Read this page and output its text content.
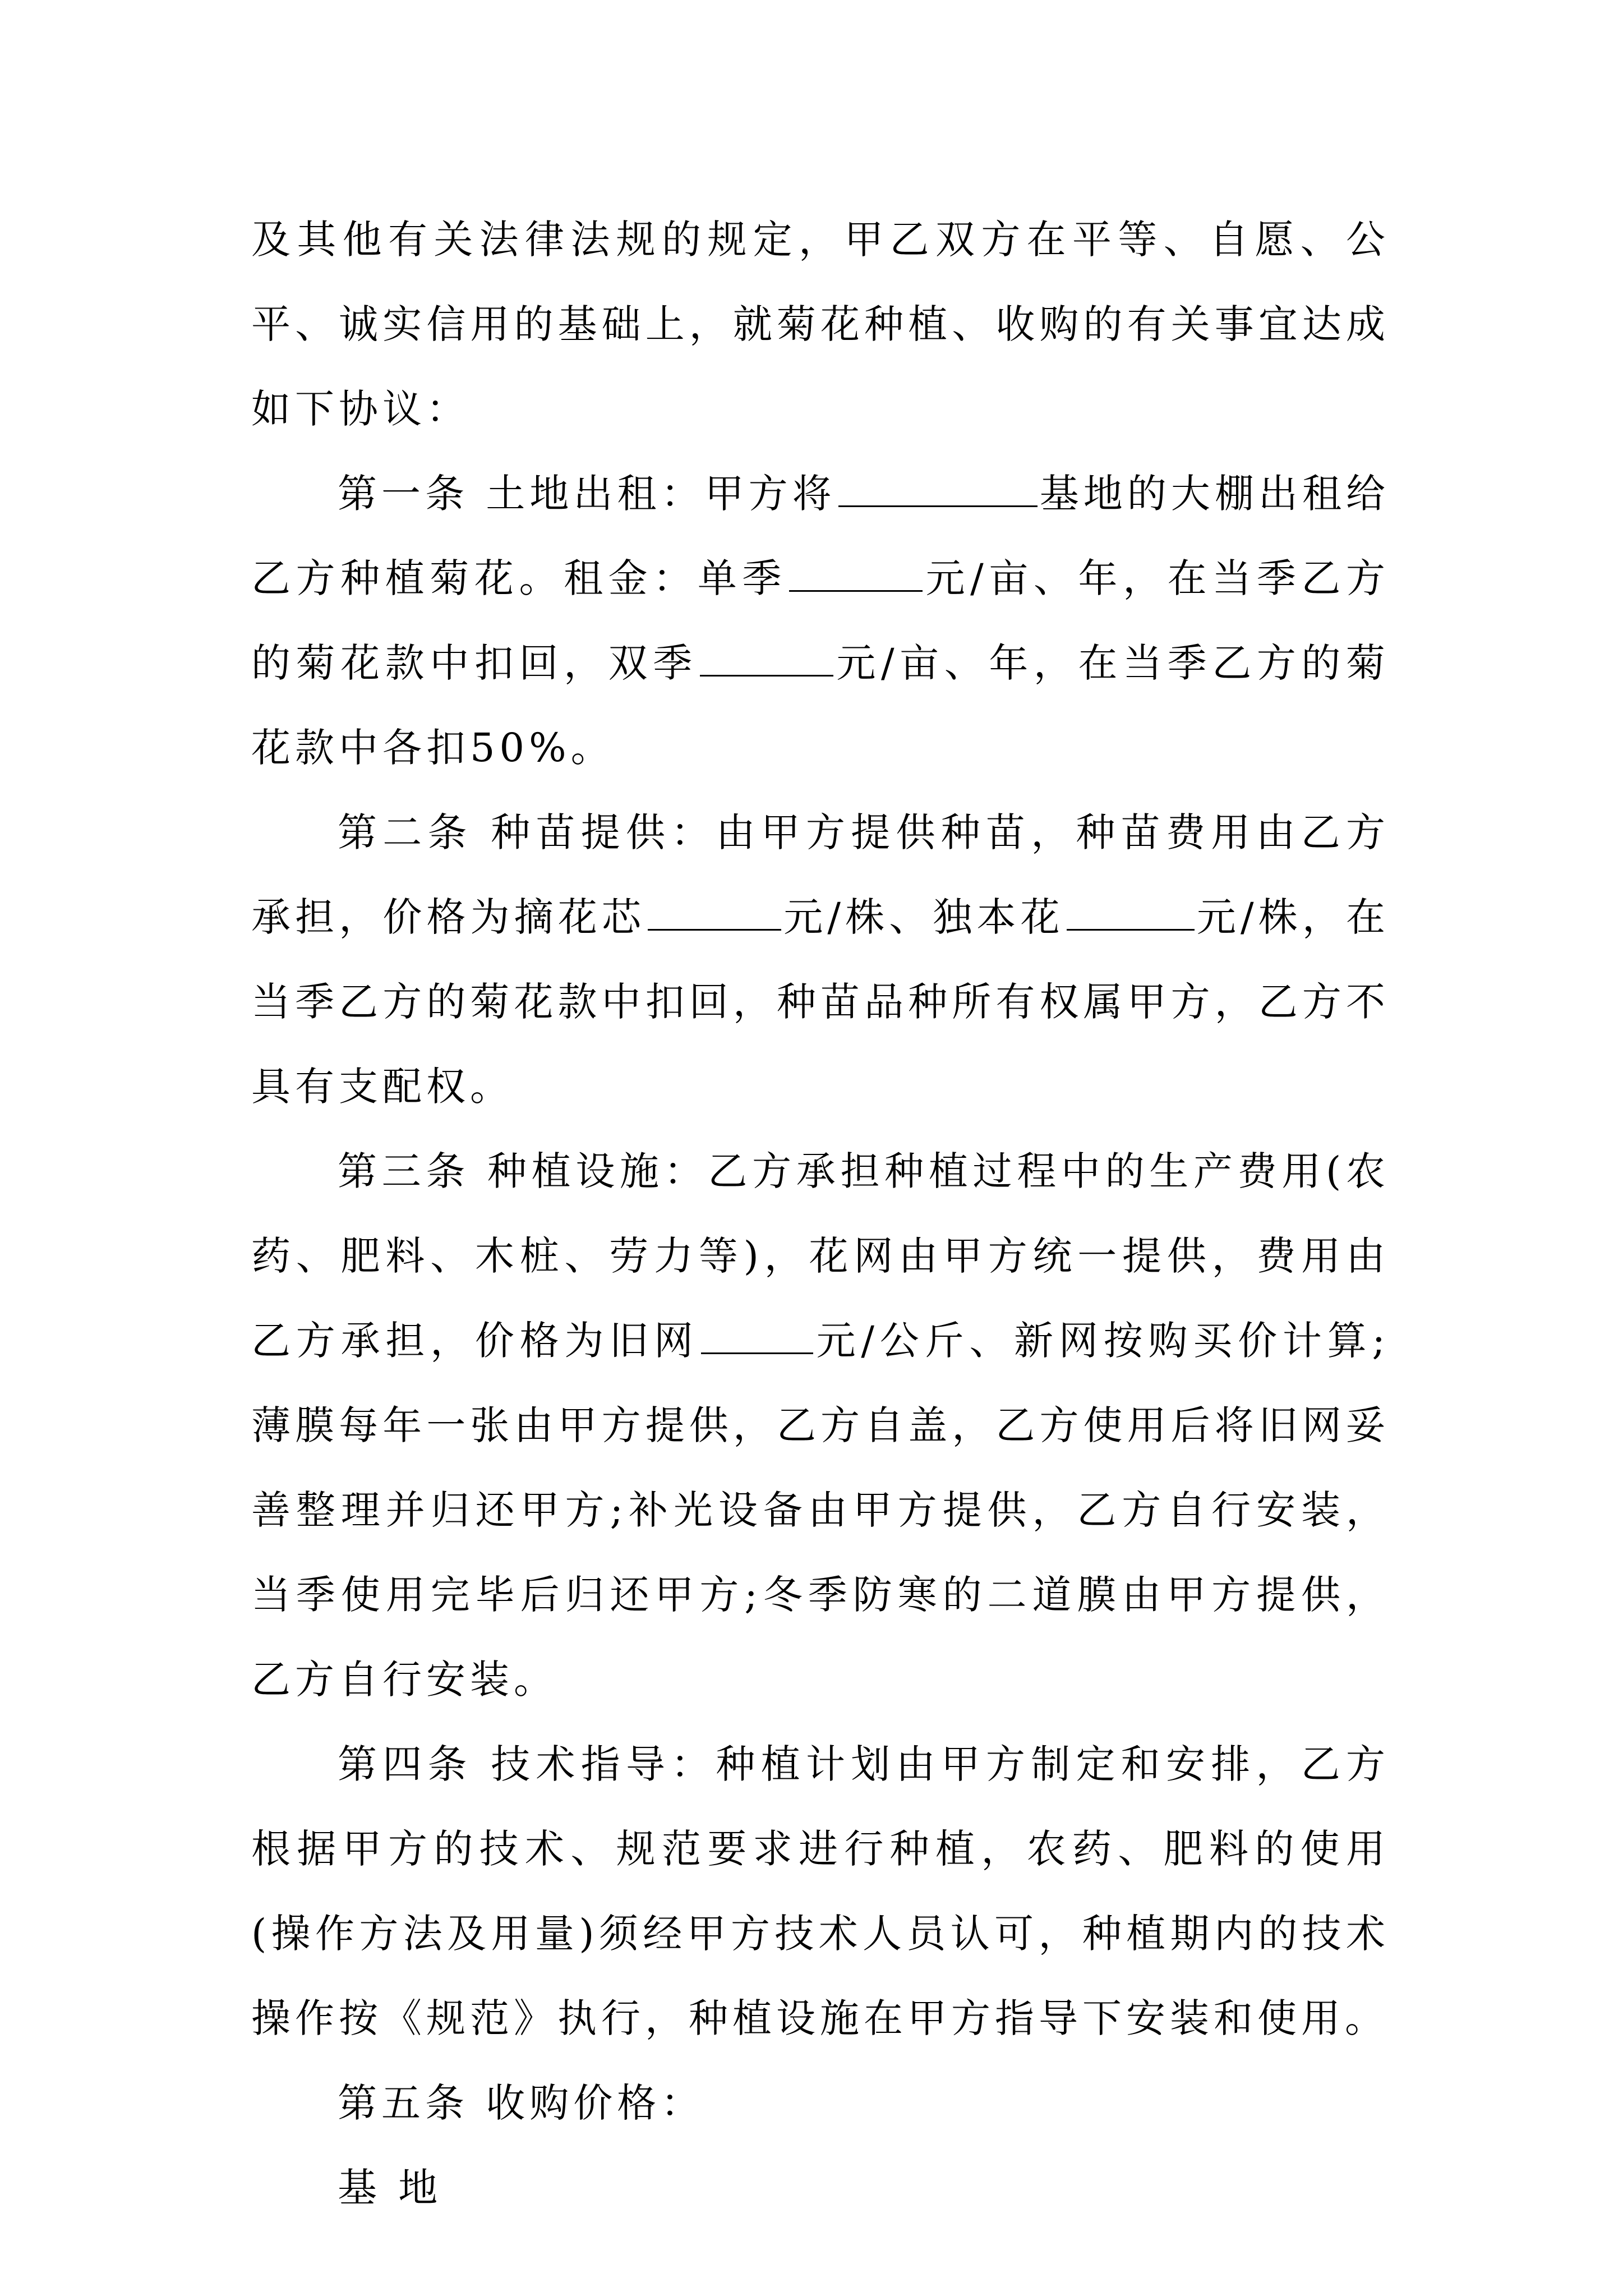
及其他有关法律法规的规定，甲乙双方在平等、自愿、公平、诚实信用的基础上，就菊花种植、收购的有关事宜达成如下协议：

第一条 土地出租：甲方将	基地的大棚出租给乙方种植菊花。租金：单季	元/亩、年，在当季乙方的菊花款中扣回，双季	元/亩、年，在当季乙方的菊花款中各扣50%。

第二条 种苗提供：由甲方提供种苗，种苗费用由乙方承担，价格为摘花芯	元/株、独本花	元/株，在当季乙方的菊花款中扣回，种苗品种所有权属甲方，乙方不具有支配权。

第三条 种植设施：乙方承担种植过程中的生产费用(农药、肥料、木桩、劳力等)，花网由甲方统一提供，费用由乙方承担，价格为旧网	元/公斤、新网按购买价计算;薄膜每年一张由甲方提供，乙方自盖，乙方使用后将旧网妥善整理并归还甲方;补光设备由甲方提供，乙方自行安装，当季使用完毕后归还甲方;冬季防寒的二道膜由甲方提供，乙方自行安装。

第四条 技术指导：种植计划由甲方制定和安排，乙方根据甲方的技术、规范要求进行种植，农药、肥料的使用(操作方法及用量)须经甲方技术人员认可，种植期内的技术操作按《规范》执行，种植设施在甲方指导下安装和使用。

第五条 收购价格：

基 地
